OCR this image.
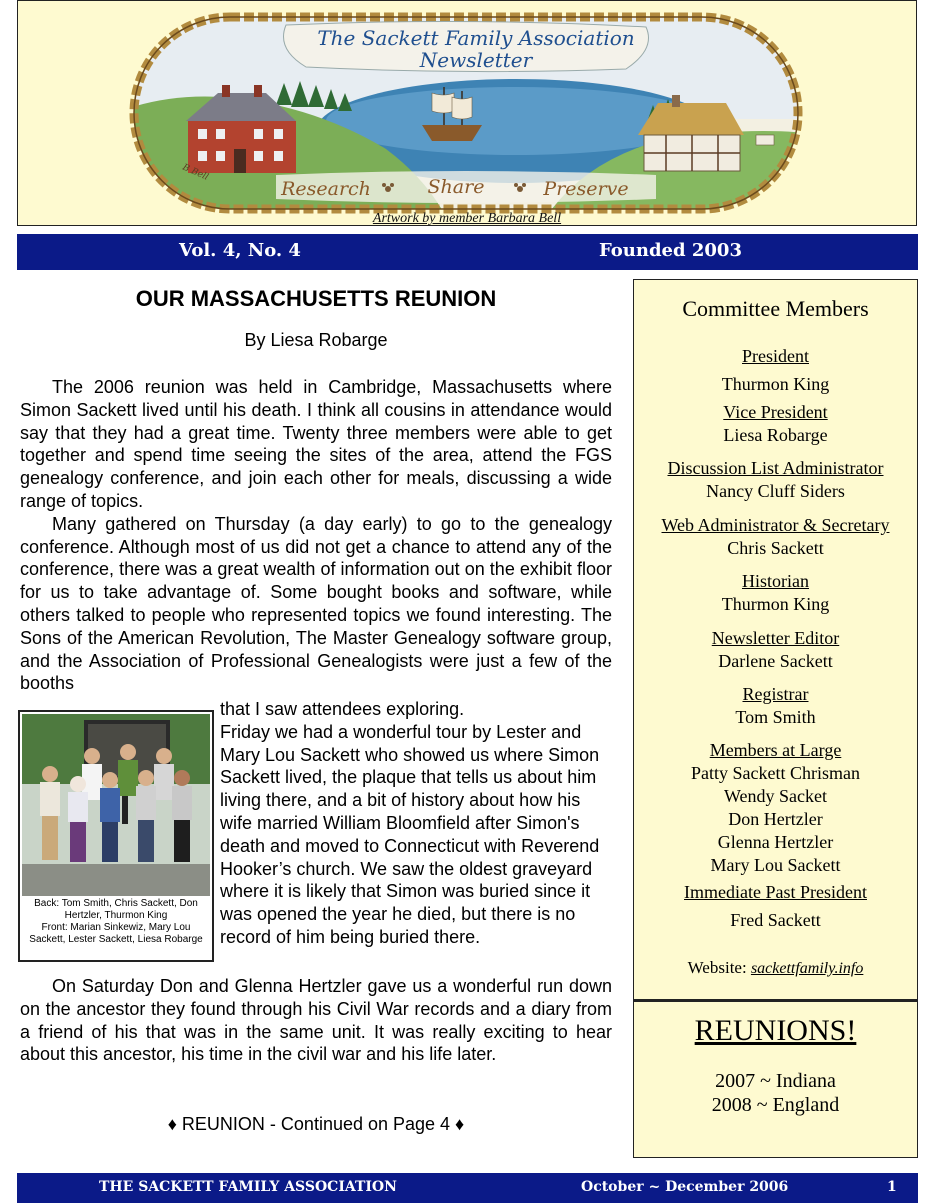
The Sackett Family Association
Newsletter
Research	Share	Preserve
B Bell
Artwork by member Barbara Bell
Vol. 4, No. 4	Founded 2003
OUR MASSACHUSETTS REUNION
By Liesa Robarge

The 2006 reunion was held in Cambridge, Massachusetts where Simon Sackett lived until his death. I think all cousins in attendance would say that they had a great time. Twenty three members were able to get together and spend time seeing the sites of the area, attend the FGS genealogy conference, and join each other for meals, discussing a wide range of topics.

Many gathered on Thursday (a day early) to go to the genealogy conference. Although most of us did not get a chance to attend any of the conference, there was a great wealth of information out on the exhibit floor for us to take advantage of. Some bought books and software, while others talked to people who represented topics we found interesting. The Sons of the American Revolution, The Master Genealogy software group, and the Association of Professional Genealogists were just a few of the booths

Back: Tom Smith, Chris Sackett, Don Hertzler, Thurmon King
Front: Marian Sinkewiz, Mary Lou Sackett, Lester Sackett, Liesa Robarge

that I saw attendees exploring.

Friday we had a wonderful tour by Lester and Mary Lou Sackett who showed us where Simon Sackett lived, the plaque that tells us about him living there, and a bit of history about how his wife married William Bloomfield after Simon's death and moved to Connecticut with Reverend Hooker’s church. We saw the oldest graveyard where it is likely that Simon was buried since it was opened the year he died, but there is no record of him being buried there.

On Saturday Don and Glenna Hertzler gave us a wonderful run down on the ancestor they found through his Civil War records and a diary from a friend of his that was in the same unit. It was really exciting to hear about this ancestor, his time in the civil war and his life later.

♦ REUNION - Continued on Page 4 ♦
Committee Members
President
Thurmon King
Vice President
Liesa Robarge
Discussion List Administrator
Nancy Cluff Siders
Web Administrator & Secretary
Chris Sackett
Historian
Thurmon King
Newsletter Editor
Darlene Sackett
Registrar
Tom Smith
Members at Large
Patty Sackett Chrisman
Wendy Sacket
Don Hertzler
Glenna Hertzler
Mary Lou Sackett
Immediate Past President
Fred Sackett
Website: sackettfamily.info
REUNIONS!
2007 ~ Indiana
2008 ~ England
THE SACKETT FAMILY ASSOCIATION	October ~ December 2006	1
